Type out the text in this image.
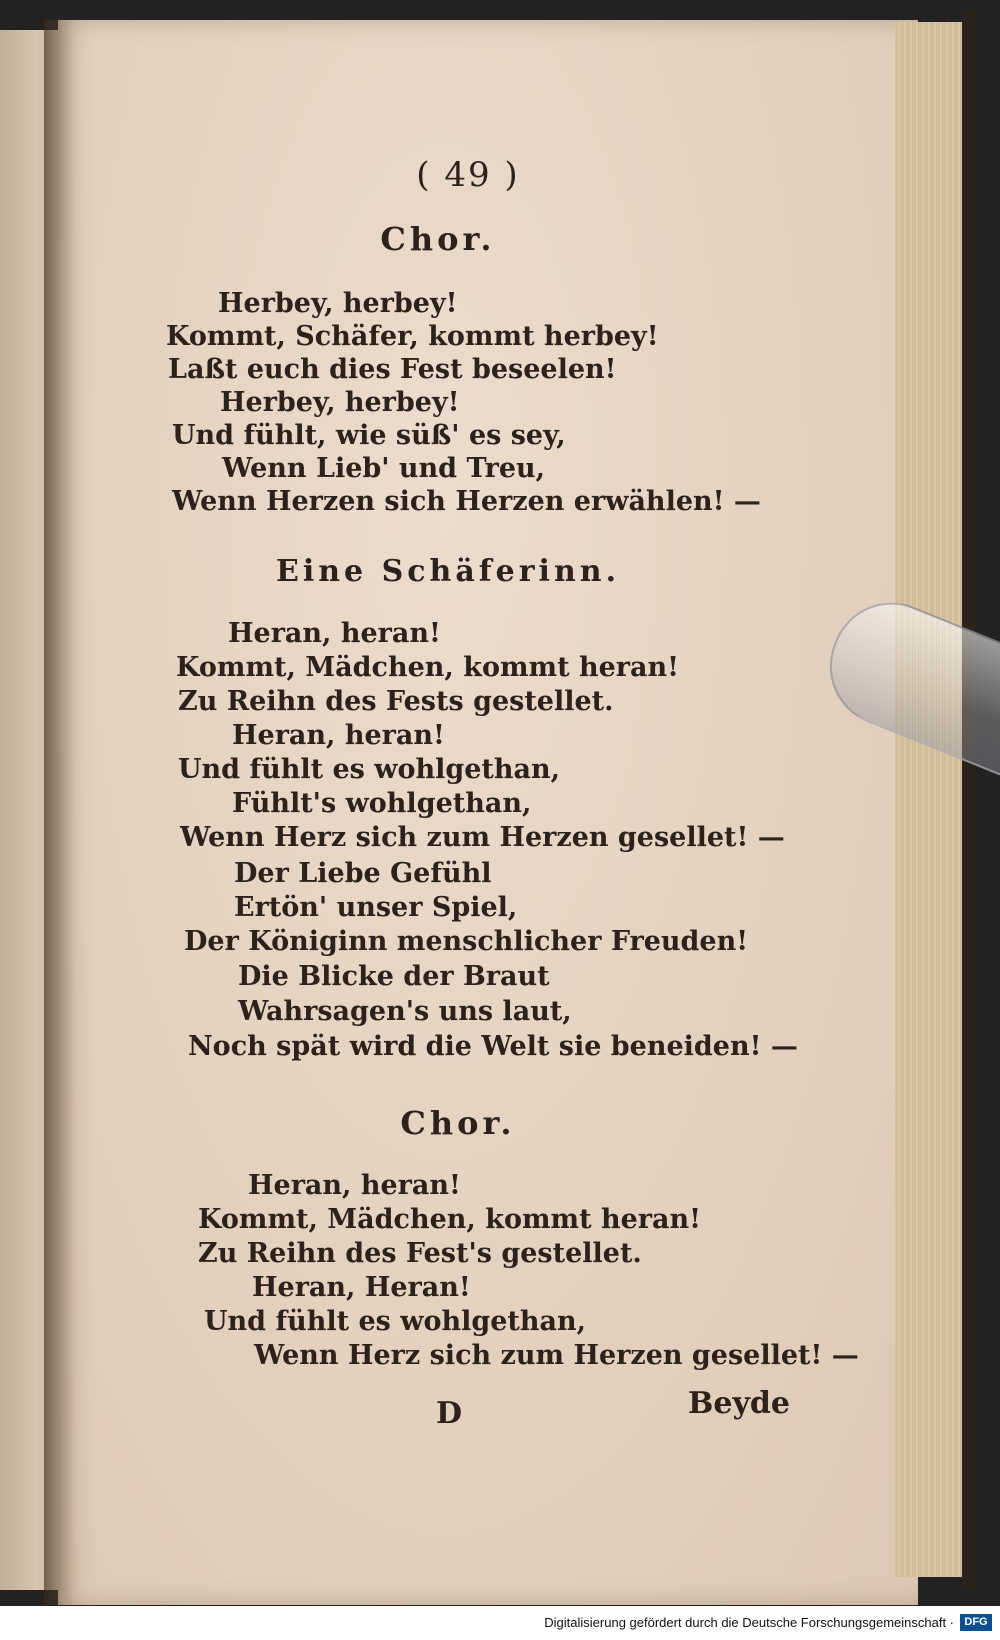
( 49 )
Chor.
Herbey, herbey!
Kommt, Schäfer, kommt herbey!
Laßt euch dies Fest beseelen!
Herbey, herbey!
Und fühlt, wie süß' es sey,
Wenn Lieb' und Treu,
Wenn Herzen sich Herzen erwählen! —
Eine Schäferinn.
Heran, heran!
Kommt, Mädchen, kommt heran!
Zu Reihn des Fests gestellet.
Heran, heran!
Und fühlt es wohlgethan,
Fühlt's wohlgethan,
Wenn Herz sich zum Herzen gesellet! —
Der Liebe Gefühl
Ertön' unser Spiel,
Der Königinn menschlicher Freuden!
Die Blicke der Braut
Wahrsagen's uns laut,
Noch spät wird die Welt sie beneiden! —
Chor.
Heran, heran!
Kommt, Mädchen, kommt heran!
Zu Reihn des Fest's gestellet.
Heran, Heran!
Und fühlt es wohlgethan,
Wenn Herz sich zum Herzen gesellet! —
D	Beyde
Digitalisierung gefördert durch die Deutsche Forschungsgemeinschaft · DFG
